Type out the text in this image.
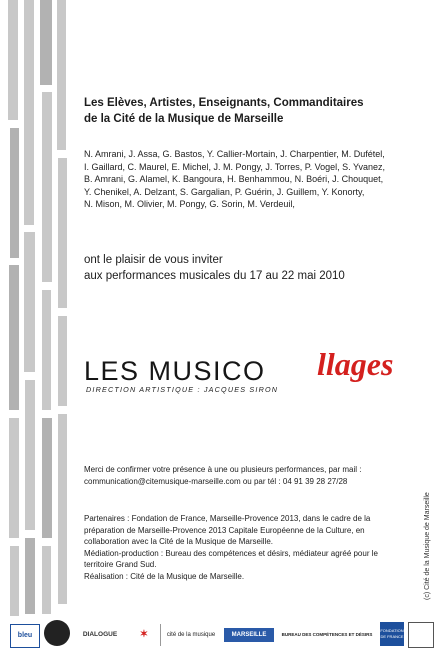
Les Elèves, Artistes, Enseignants, Commanditaires
de la Cité de la Musique de Marseille
N. Amrani, J. Assa, G. Bastos, Y. Callier-Mortain, J. Charpentier, M. Dufétel,
I. Gaillard, C. Maurel, E. Michel, J. M. Pongy, J. Torres, P. Vogel, S. Yvanez,
B. Amrani, G. Alamel, K. Bangoura, H. Benhammou, N. Boéri, J. Chouquet,
Y. Chenikel, A. Delzant, S. Gargalian, P. Guérin, J. Guillem, Y. Konorty,
N. Mison, M. Olivier, M. Pongy, G. Sorin, M. Verdeuil,
ont le plaisir de vous inviter
aux performances musicales du 17 au 22 mai 2010
LES MUSICO llages
DIRECTION ARTISTIQUE : JACQUES SIRON
Merci de confirmer votre présence à une ou plusieurs performances, par mail :
communication@citemusique-marseille.com ou par tél : 04 91 39 28 27/28
Partenaires : Fondation de France, Marseille-Provence 2013, dans le cadre de la
préparation de Marseille-Provence 2013 Capitale Européenne de la Culture, en
collaboration avec la Cité de la Musique de Marseille.
Médiation-production : Bureau des compétences et désirs, médiateur agréé pour le
territoire Grand Sud.
Réalisation : Cité de la Musique de Marseille.	(c) Cité de la Musique de Marseille
bleu	DIALOGUE	✶	cité de la musique	MARSEILLE	BUREAU DES COMPÉTENCES ET DÉSIRS
FONDATION DE FRANCE
